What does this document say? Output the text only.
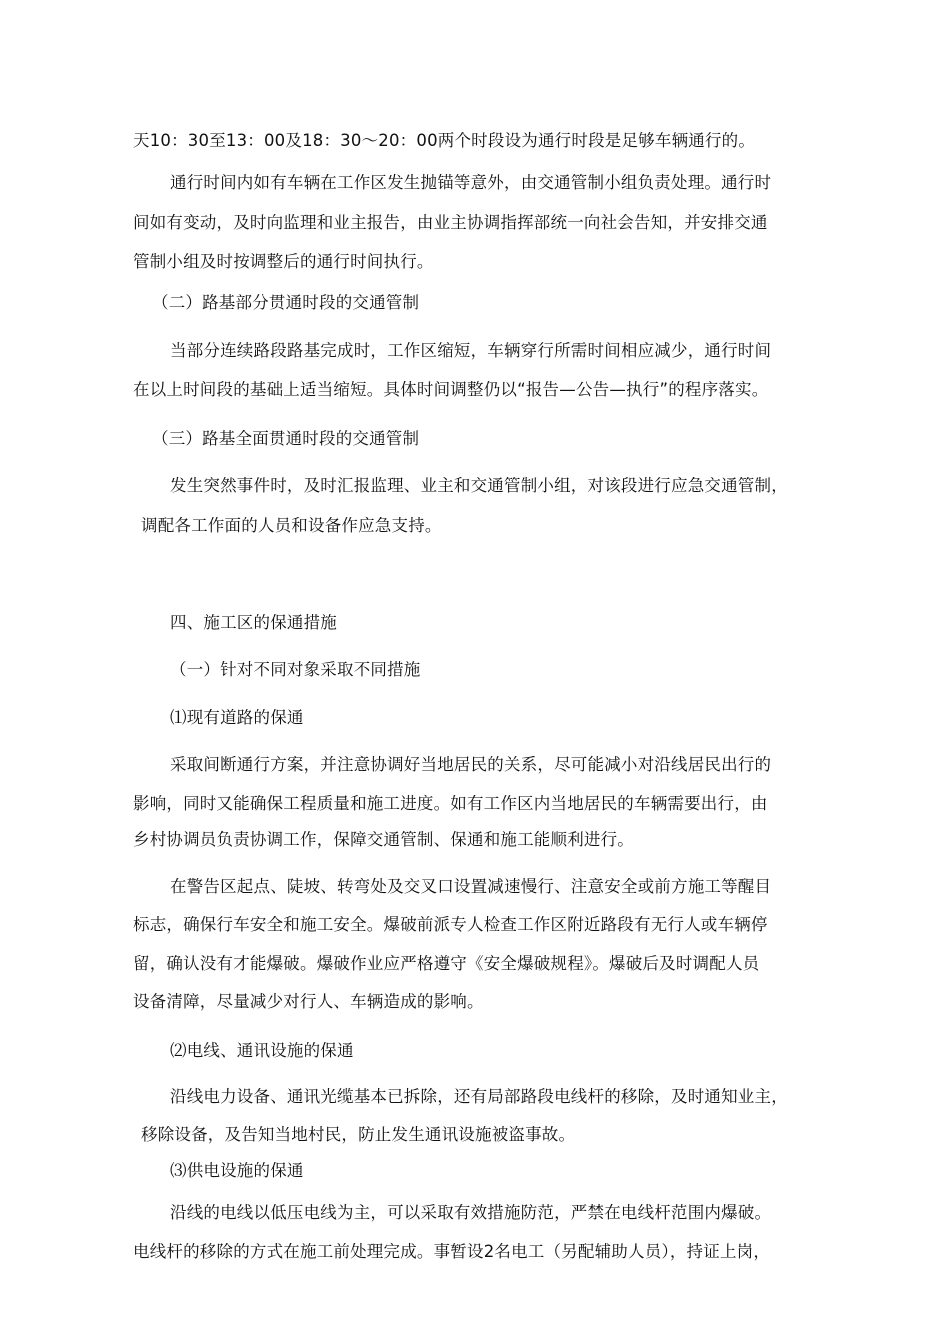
天10：30至13：00及18：30～20：00两个时段设为通行时段是足够车辆通行的。

通行时间内如有车辆在工作区发生抛锚等意外，由交通管制小组负责处理。通行时

间如有变动，及时向监理和业主报告，由业主协调指挥部统一向社会告知，并安排交通

管制小组及时按调整后的通行时间执行。

（二）路基部分贯通时段的交通管制

当部分连续路段路基完成时，工作区缩短，车辆穿行所需时间相应减少，通行时间

在以上时间段的基础上适当缩短。具体时间调整仍以“报告—公告—执行”的程序落实。

（三）路基全面贯通时段的交通管制

发生突然事件时，及时汇报监理、业主和交通管制小组，对该段进行应急交通管制，

调配各工作面的人员和设备作应急支持。

四、施工区的保通措施

（一）针对不同对象采取不同措施

⑴现有道路的保通

采取间断通行方案，并注意协调好当地居民的关系，尽可能减小对沿线居民出行的

影响，同时又能确保工程质量和施工进度。如有工作区内当地居民的车辆需要出行，由

乡村协调员负责协调工作，保障交通管制、保通和施工能顺利进行。

在警告区起点、陡坡、转弯处及交叉口设置减速慢行、注意安全或前方施工等醒目

标志，确保行车安全和施工安全。爆破前派专人检查工作区附近路段有无行人或车辆停

留，确认没有才能爆破。爆破作业应严格遵守《安全爆破规程》。爆破后及时调配人员

设备清障，尽量减少对行人、车辆造成的影响。

⑵电线、通讯设施的保通

沿线电力设备、通讯光缆基本已拆除，还有局部路段电线杆的移除，及时通知业主，

移除设备，及告知当地村民，防止发生通讯设施被盗事故。

⑶供电设施的保通

沿线的电线以低压电线为主，可以采取有效措施防范，严禁在电线杆范围内爆破。

电线杆的移除的方式在施工前处理完成。事暂设2名电工（另配辅助人员），持证上岗，
